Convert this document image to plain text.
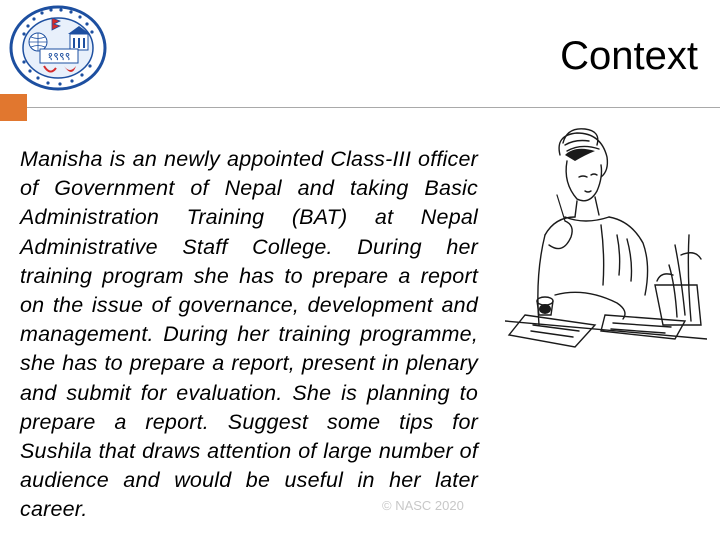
१९९९	Context

Manisha is an newly appointed Class-III officer of Government of Nepal and taking Basic Administration Training (BAT) at Nepal Administrative Staff College. During her training program she has to prepare a report on the issue of governance, development and management. During her training programme, she has to prepare a report, present in plenary and submit for evaluation. She is planning to prepare a report. Suggest some tips for Sushila that draws attention of large number of audience and would be useful in her later career.	© NASC 2020
